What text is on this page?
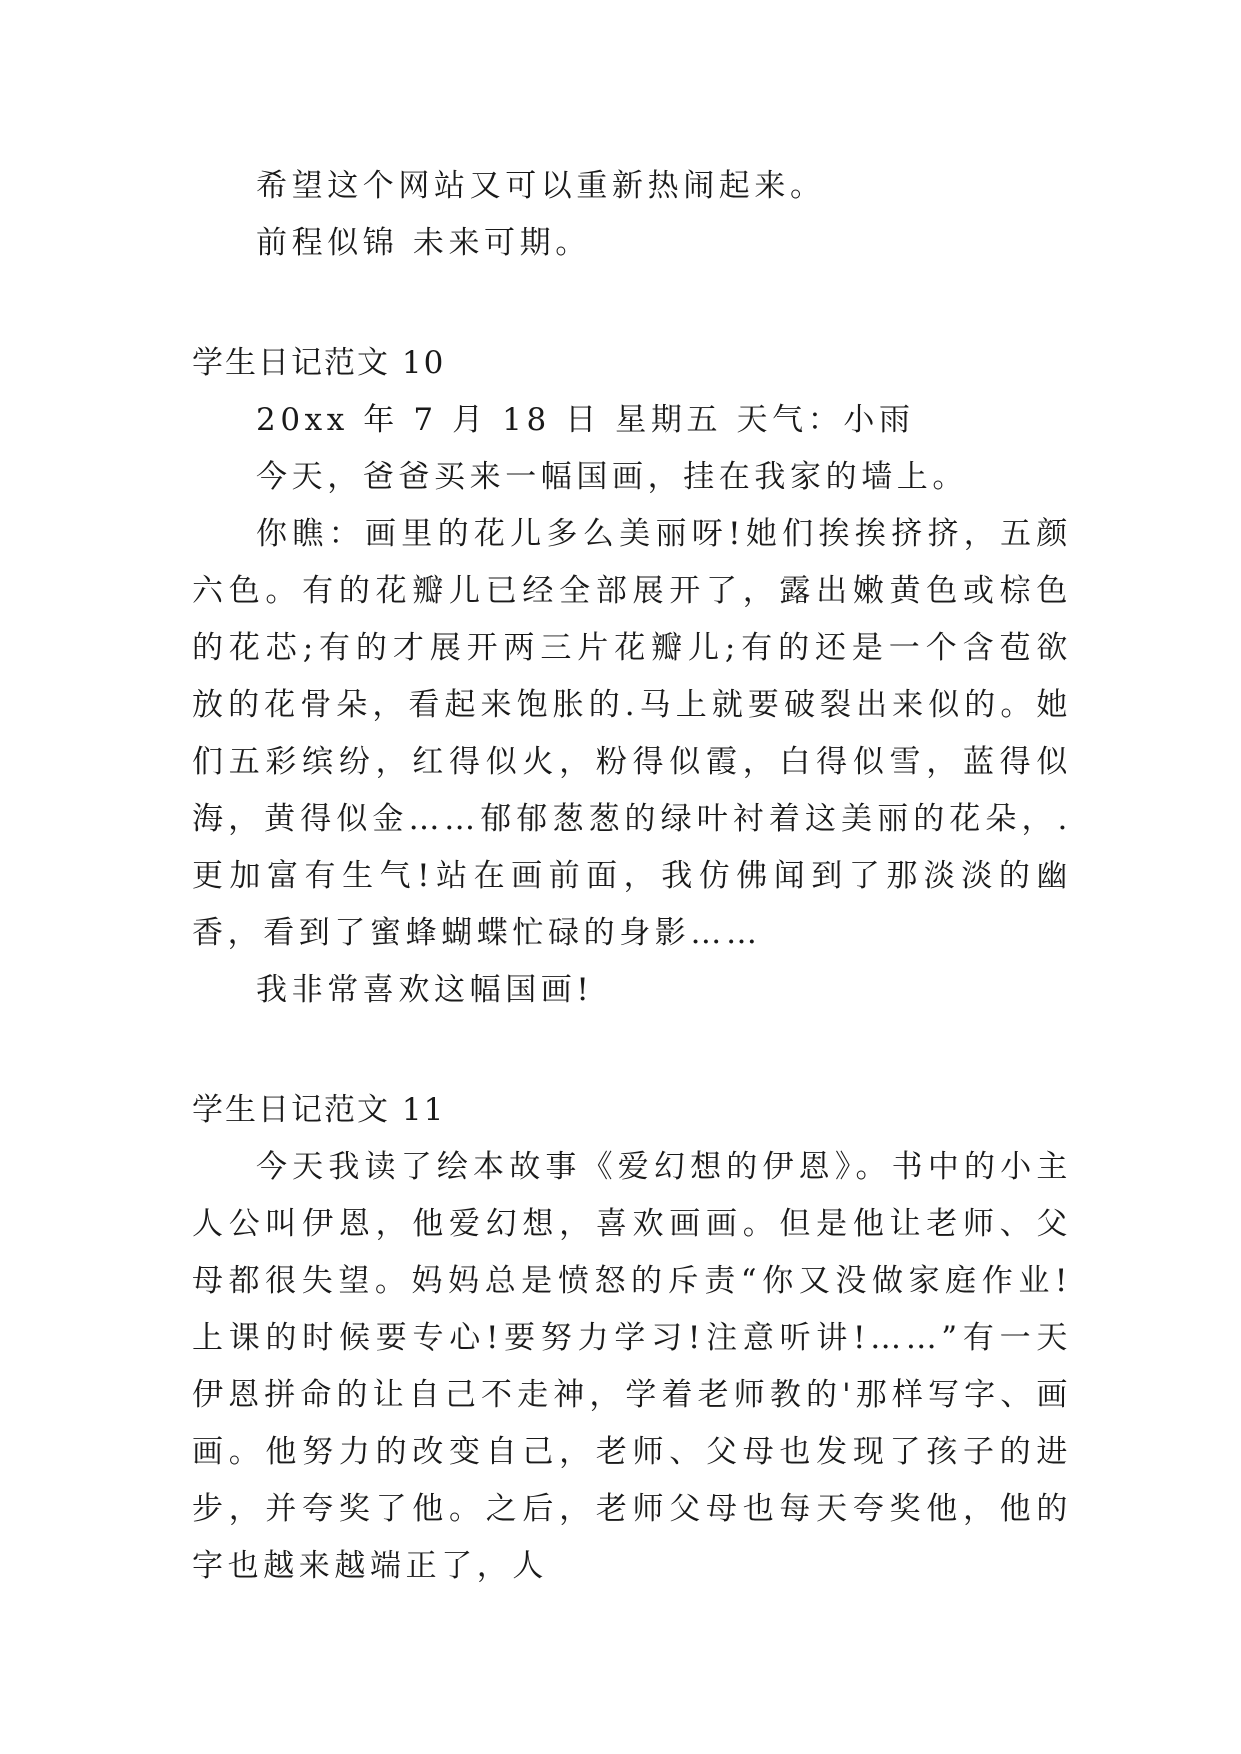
希望这个网站又可以重新热闹起来。

前程似锦 未来可期。

学生日记范文 10

20xx 年 7 月 18 日 星期五 天气：小雨

今天，爸爸买来一幅国画，挂在我家的墙上。

你瞧：画里的花儿多么美丽呀!她们挨挨挤挤，五颜六色。有的花瓣儿已经全部展开了，露出嫩黄色或棕色的花芯;有的才展开两三片花瓣儿;有的还是一个含苞欲放的花骨朵，看起来饱胀的.马上就要破裂出来似的。她们五彩缤纷，红得似火，粉得似霞，白得似雪，蓝得似海，黄得似金……郁郁葱葱的绿叶衬着这美丽的花朵，.更加富有生气!站在画前面，我仿佛闻到了那淡淡的幽香，看到了蜜蜂蝴蝶忙碌的身影……

我非常喜欢这幅国画!

学生日记范文 11

今天我读了绘本故事《爱幻想的伊恩》。书中的小主人公叫伊恩，他爱幻想，喜欢画画。但是他让老师、父母都很失望。妈妈总是愤怒的斥责“你又没做家庭作业!上课的时候要专心!要努力学习!注意听讲!……”有一天伊恩拼命的让自己不走神，学着老师教的'那样写字、画画。他努力的改变自己，老师、父母也发现了孩子的进步，并夸奖了他。之后，老师父母也每天夸奖他，他的字也越来越端正了，人
